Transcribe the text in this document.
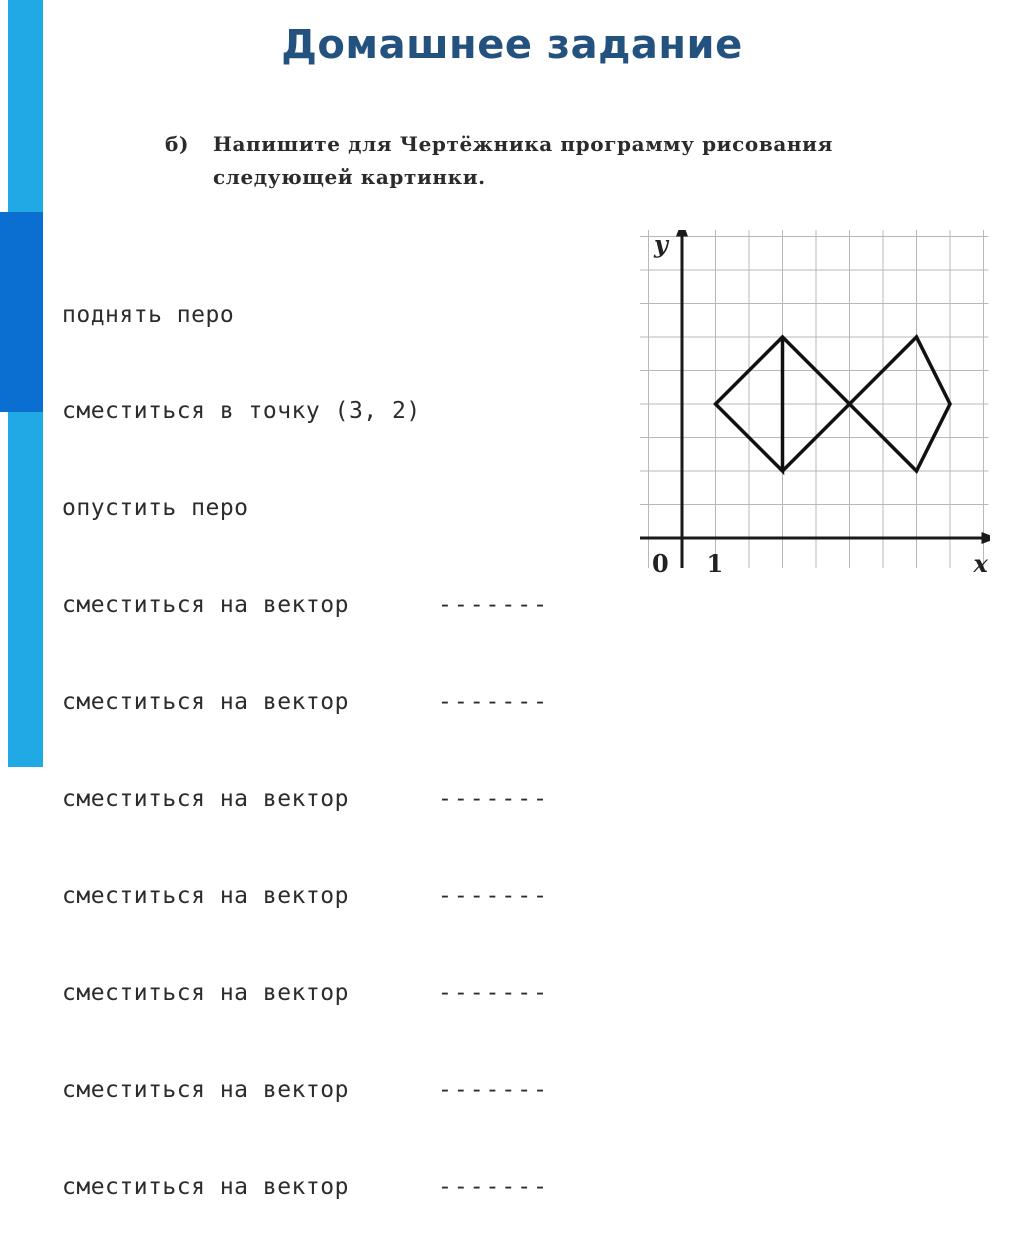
Домашнее задание
б) Напишите для Чертёжника программу рисования
следующей картинки.

поднять перо

сместиться в точку (3, 2)

опустить перо

сместиться на вектор	-------

сместиться на вектор	-------

сместиться на вектор	-------

сместиться на вектор	-------

сместиться на вектор	-------

сместиться на вектор	-------

сместиться на вектор	-------

0 1	x
y
